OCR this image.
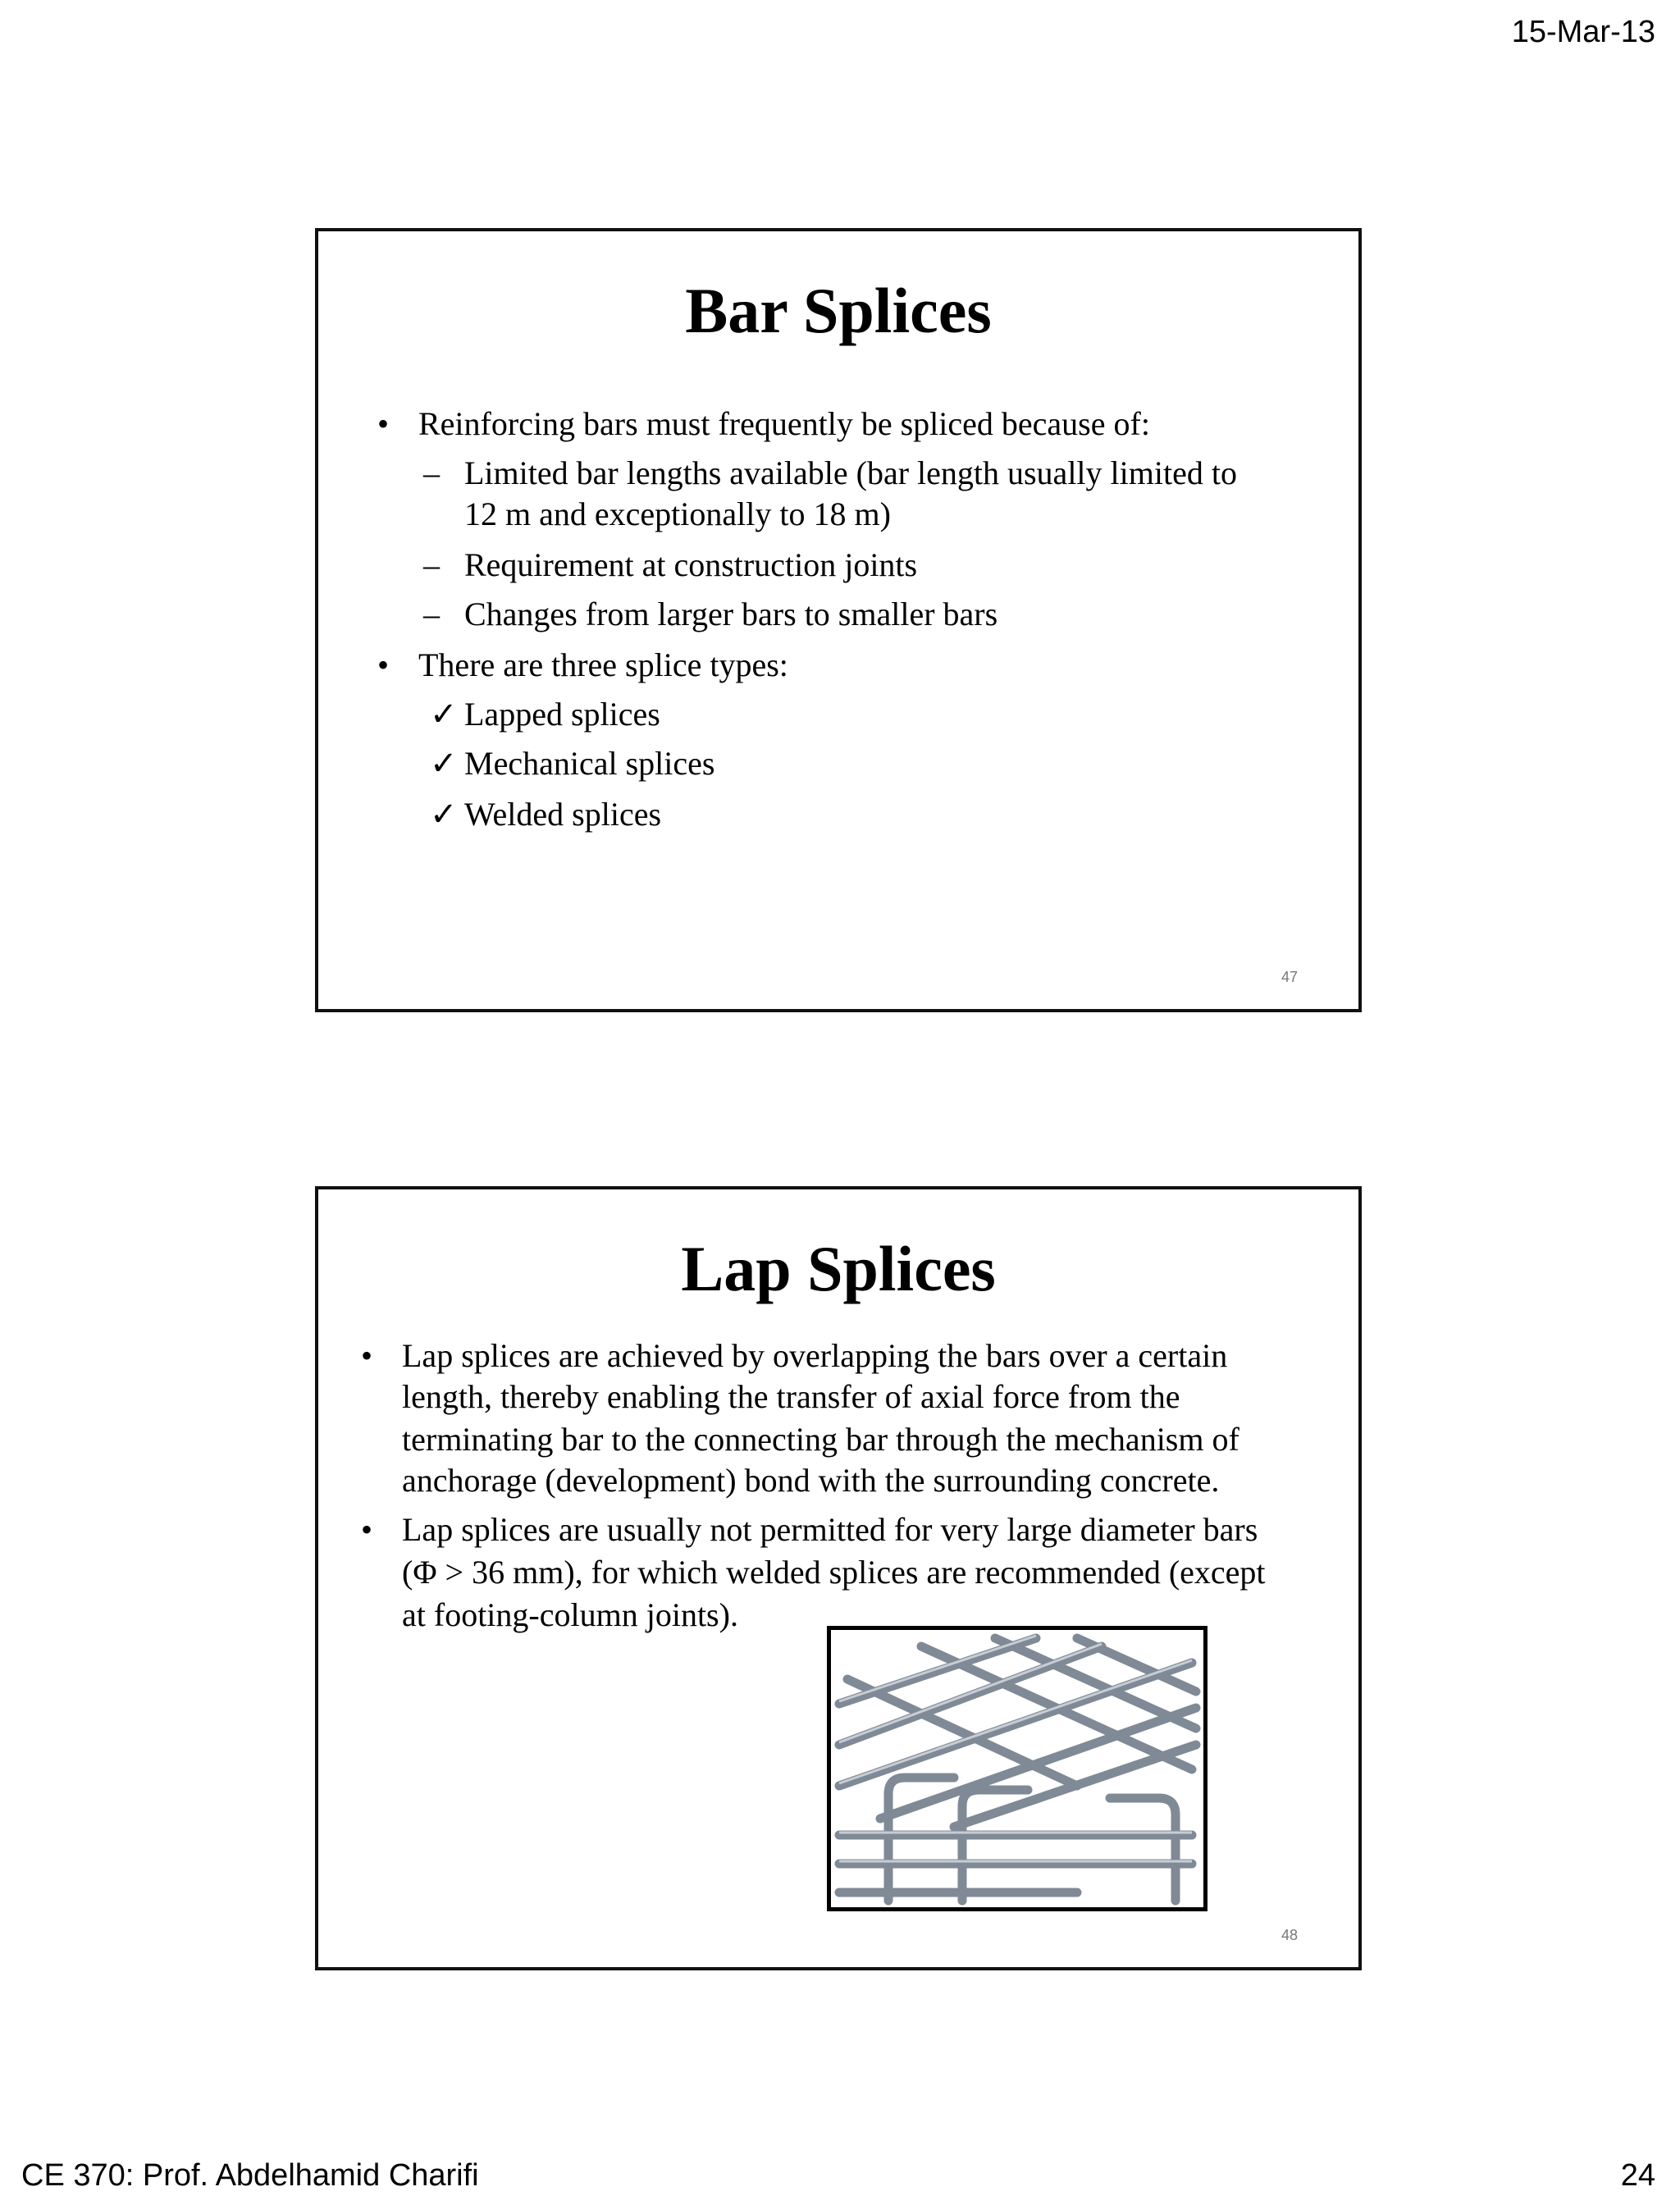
15-Mar-13
Bar Splices
• Reinforcing bars must frequently be spliced because of:
– Limited bar lengths available (bar length usually limited to
12 m and exceptionally to 18 m)
– Requirement at construction joints
– Changes from larger bars to smaller bars
• There are three splice types:
✓ Lapped splices
✓ Mechanical splices
✓ Welded splices
47
Lap Splices
• Lap splices are achieved by overlapping the bars over a certain
length, thereby enabling the transfer of axial force from the
terminating bar to the connecting bar through the mechanism of
anchorage (development) bond with the surrounding concrete.
• Lap splices are usually not permitted for very large diameter bars
(Φ > 36 mm), for which welded splices are recommended (except
at footing-column joints).
48
CE 370: Prof. Abdelhamid Charifi	24
